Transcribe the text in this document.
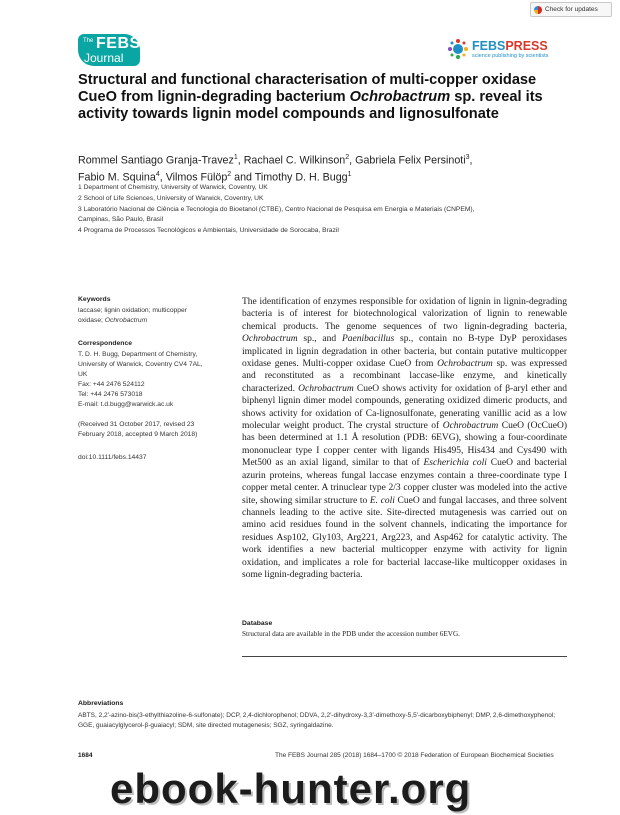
Check for updates
The FEBS
Journal
FEBSPRESS
science publishing by scientists
Structural and functional characterisation of multi-copper oxidase CueO from lignin-degrading bacterium Ochrobactrum sp. reveal its activity towards lignin model compounds and lignosulfonate
Rommel Santiago Granja-Travez$^1$, Rachael C. Wilkinson$^2$, Gabriela Felix Persinoti$^3$,
Fabio M. Squina$^4$, Vilmos Fülöp$^2$ and Timothy D. H. Bugg$^1$
1 Department of Chemistry, University of Warwick, Coventry, UK
2 School of Life Sciences, University of Warwick, Coventry, UK
3 Laboratório Nacional de Ciência e Tecnologia do Bioetanol (CTBE), Centro Nacional de Pesquisa em Energia e Materiais (CNPEM),
Campinas, São Paulo, Brasil
4 Programa de Processos Tecnológicos e Ambientais, Universidade de Sorocaba, Brazil
Keywords
laccase; lignin oxidation; multicopper oxidase; Ochrobactrum
Correspondence
T. D. H. Bugg, Department of Chemistry,
University of Warwick, Coventry CV4 7AL,
UK
Fax: +44 2476 524112
Tel: +44 2476 573018
E-mail: t.d.bugg@warwick.ac.uk
(Received 31 October 2017, revised 23
February 2018, accepted 9 March 2018)
doi:10.1111/febs.14437
The identification of enzymes responsible for oxidation of lignin in lignin-degrading bacteria is of interest for biotechnological valorization of lignin to renewable chemical products. The genome sequences of two lignin-degrading bacteria, Ochrobactrum sp., and Paenibacillus sp., contain no B-type DyP peroxidases implicated in lignin degradation in other bacteria, but contain putative multicopper oxidase genes. Multi-copper oxidase CueO from Ochrobactrum sp. was expressed and reconstituted as a recombinant laccase-like enzyme, and kinetically characterized. Ochrobactrum CueO shows activity for oxidation of β-aryl ether and biphenyl lignin dimer model compounds, generating oxidized dimeric products, and shows activity for oxidation of Ca-lignosulfonate, generating vanillic acid as a low molecular weight product. The crystal structure of Ochrobactrum CueO (OcCueO) has been determined at 1.1 Å resolution (PDB: 6EVG), showing a four-coordinate mononuclear type I copper center with ligands His495, His434 and Cys490 with Met500 as an axial ligand, similar to that of Escherichia coli CueO and bacterial azurin proteins, whereas fungal laccase enzymes contain a three-coordinate type I copper metal center. A trinuclear type 2/3 copper cluster was modeled into the active site, showing similar structure to E. coli CueO and fungal laccases, and three solvent channels leading to the active site. Site-directed mutagenesis was carried out on amino acid residues found in the solvent channels, indicating the importance for residues Asp102, Gly103, Arg221, Arg223, and Asp462 for catalytic activity. The work identifies a new bacterial multicopper enzyme with activity for lignin oxidation, and implicates a role for bacterial laccase-like multicopper oxidases in some lignin-degrading bacteria.
Database
Structural data are available in the PDB under the accession number 6EVG.
Abbreviations
ABTS, 2,2′-azino-bis(3-ethylthiazoline-6-sulfonate); DCP, 2,4-dichlorophenol; DDVA, 2,2′-dihydroxy-3,3′-dimethoxy-5,5′-dicarboxybiphenyl; DMP, 2,6-dimethoxyphenol; GGE, guaiacylglycerol-β-guaiacyl; SDM, site directed mutagenesis; SGZ, syringaldazine.
1684	The FEBS Journal 285 (2018) 1684–1700 © 2018 Federation of European Biochemical Societies
ebook-hunter.org
